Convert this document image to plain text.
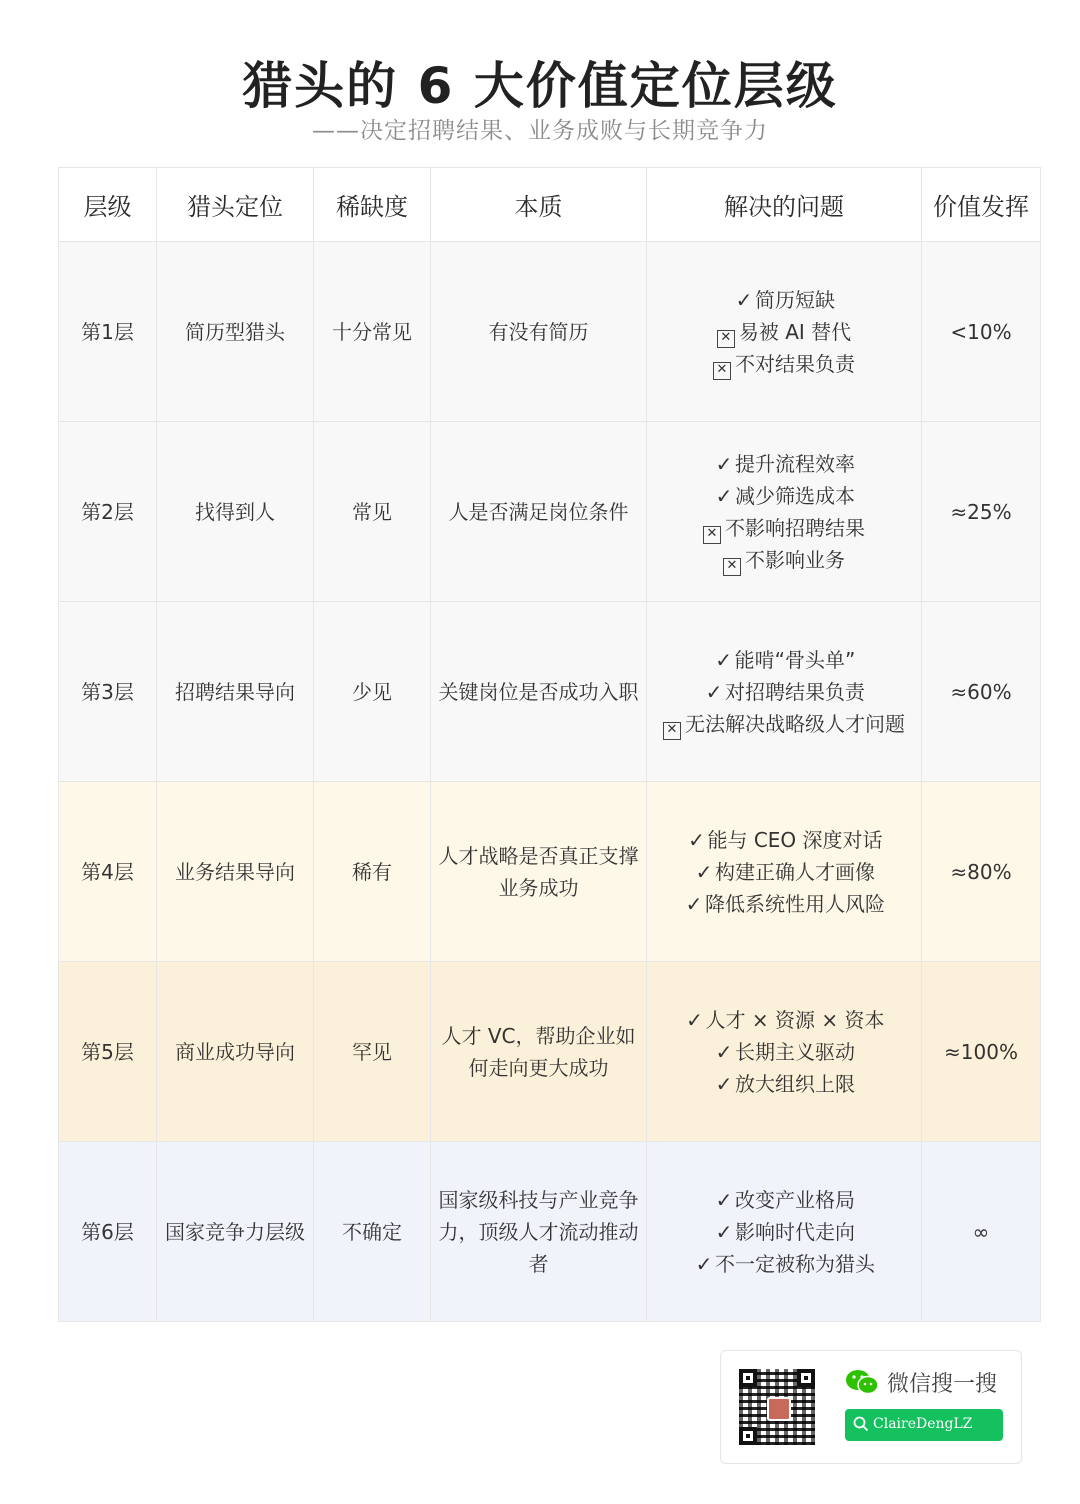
猎头的 6 大价值定位层级
——决定招聘结果、业务成败与长期竞争力
层级	猎头定位	稀缺度	本质	解决的问题	价值发挥
第1层	简历型猎头	十分常见	有没有简历	✓ 简历短缺
✕ 易被 AI 替代
✕ 不对结果负责	<10%
第2层	找得到人	常见	人是否满足岗位条件	✓ 提升流程效率
✓ 减少筛选成本
✕ 不影响招聘结果
✕ 不影响业务	≈25%
第3层	招聘结果导向	少见	关键岗位是否成功入职	✓ 能啃“骨头单”
✓ 对招聘结果负责
✕ 无法解决战略级人才问题	≈60%
第4层	业务结果导向	稀有	人才战略是否真正支撑业务成功	✓ 能与 CEO 深度对话
✓ 构建正确人才画像
✓ 降低系统性用人风险	≈80%
第5层	商业成功导向	罕见	人才 VC，帮助企业如何走向更大成功	✓ 人才 × 资源 × 资本
✓ 长期主义驱动
✓ 放大组织上限	≈100%
第6层	国家竞争力层级	不确定	国家级科技与产业竞争力，顶级人才流动推动者	✓ 改变产业格局
✓ 影响时代走向
✓ 不一定被称为猎头	∞
微信搜一搜
ClaireDengLZ
